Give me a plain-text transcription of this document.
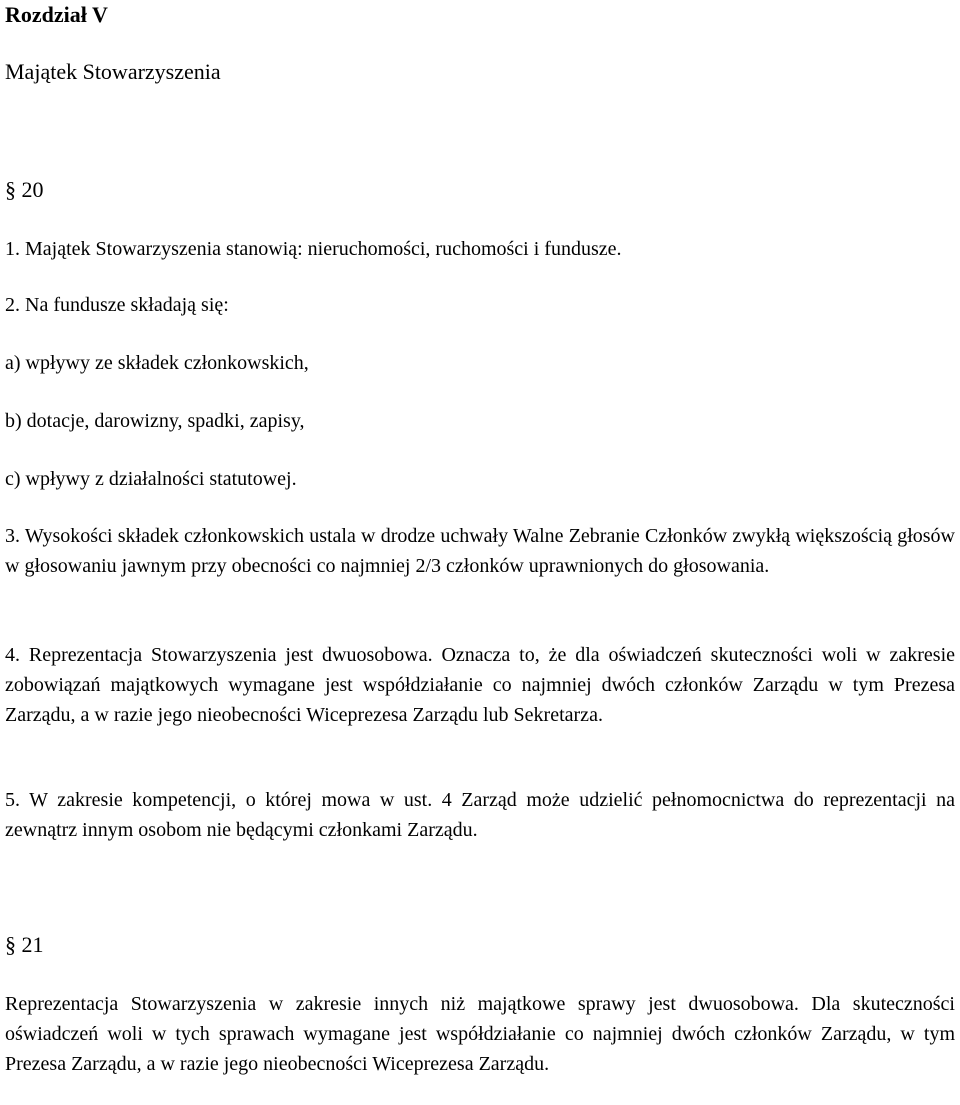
Rozdział V
Majątek Stowarzyszenia
§ 20
1. Majątek Stowarzyszenia stanowią: nieruchomości, ruchomości i fundusze.
2. Na fundusze składają się:
a) wpływy ze składek członkowskich,
b) dotacje, darowizny, spadki, zapisy,
c) wpływy z działalności statutowej.
3. Wysokości składek członkowskich ustala w drodze uchwały Walne Zebranie Członków zwykłą większością głosów w głosowaniu jawnym przy obecności co najmniej 2/3 członków uprawnionych do głosowania.
4. Reprezentacja Stowarzyszenia jest dwuosobowa. Oznacza to, że dla oświadczeń skuteczności woli w zakresie zobowiązań majątkowych wymagane jest współdziałanie co najmniej dwóch członków Zarządu w tym Prezesa Zarządu, a w razie jego nieobecności Wiceprezesa Zarządu lub Sekretarza.
5. W zakresie kompetencji, o której mowa w ust. 4 Zarząd może udzielić pełnomocnictwa do reprezentacji na zewnątrz innym osobom nie będącymi członkami Zarządu.
§ 21
Reprezentacja Stowarzyszenia w zakresie innych niż majątkowe sprawy jest dwuosobowa. Dla skuteczności oświadczeń woli w tych sprawach wymagane jest współdziałanie co najmniej dwóch członków Zarządu, w tym Prezesa Zarządu, a w razie jego nieobecności Wiceprezesa Zarządu.
